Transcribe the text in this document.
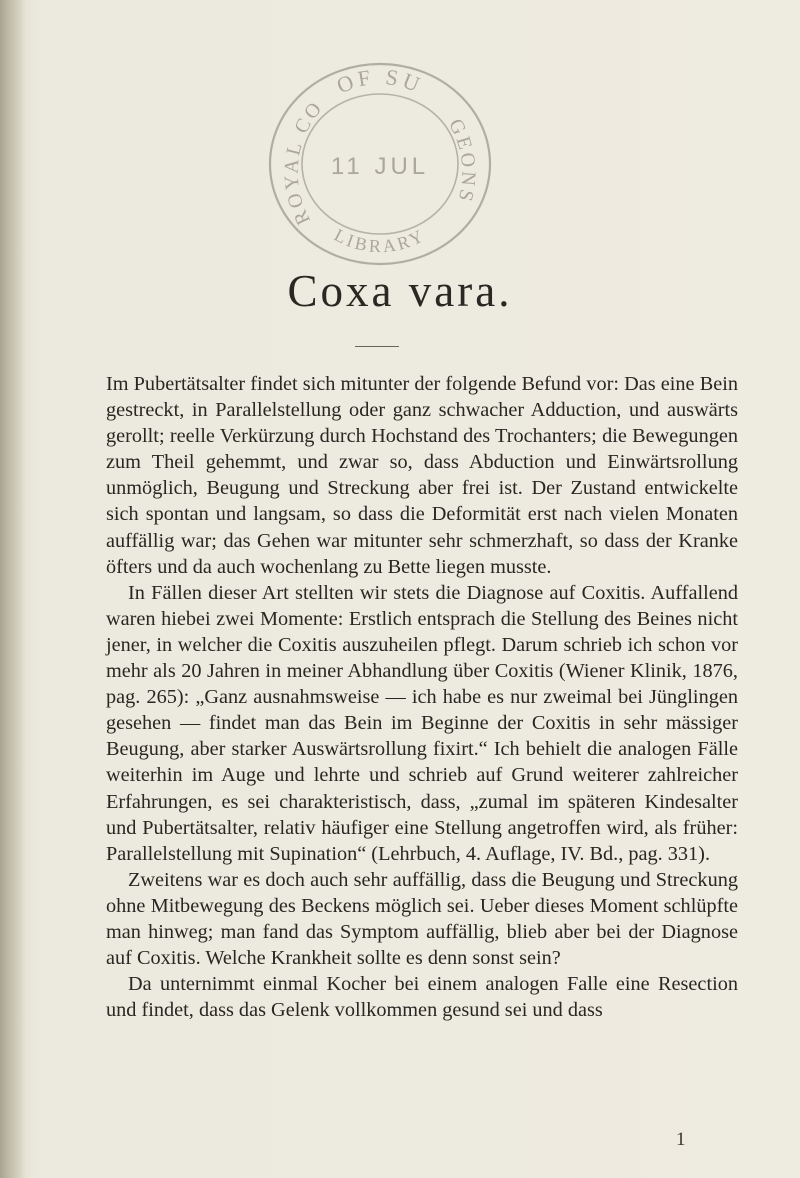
OF SU
ROYAL CO
GEONS
LIBRARY
11 JUL
Coxa vara.

Im Pubertätsalter findet sich mitunter der folgende Befund vor: Das eine Bein gestreckt, in Parallelstellung oder ganz schwacher Adduction, und auswärts gerollt; reelle Verkürzung durch Hochstand des Trochanters; die Bewegungen zum Theil gehemmt, und zwar so, dass Abduction und Einwärtsrollung unmöglich, Beugung und Streckung aber frei ist. Der Zustand entwickelte sich spontan und langsam, so dass die Deformität erst nach vielen Monaten auffällig war; das Gehen war mitunter sehr schmerzhaft, so dass der Kranke öfters und da auch wochenlang zu Bette liegen musste.

In Fällen dieser Art stellten wir stets die Diagnose auf Coxitis. Auffallend waren hiebei zwei Momente: Erstlich entsprach die Stellung des Beines nicht jener, in welcher die Coxitis auszuheilen pflegt. Darum schrieb ich schon vor mehr als 20 Jahren in meiner Abhandlung über Coxitis (Wiener Klinik, 1876, pag. 265): „Ganz ausnahmsweise — ich habe es nur zweimal bei Jünglingen gesehen — findet man das Bein im Beginne der Coxitis in sehr mässiger Beugung, aber starker Auswärtsrollung fixirt.“ Ich behielt die analogen Fälle weiterhin im Auge und lehrte und schrieb auf Grund weiterer zahlreicher Erfahrungen, es sei charakteristisch, dass, „zumal im späteren Kindesalter und Pubertätsalter, relativ häufiger eine Stellung angetroffen wird, als früher: Parallelstellung mit Supination“ (Lehrbuch, 4. Auflage, IV. Bd., pag. 331).

Zweitens war es doch auch sehr auffällig, dass die Beugung und Streckung ohne Mitbewegung des Beckens möglich sei. Ueber dieses Moment schlüpfte man hinweg; man fand das Symptom auffällig, blieb aber bei der Diagnose auf Coxitis. Welche Krankheit sollte es denn sonst sein?

Da unternimmt einmal Kocher bei einem analogen Falle eine Resection und findet, dass das Gelenk vollkommen gesund sei und dass

1
